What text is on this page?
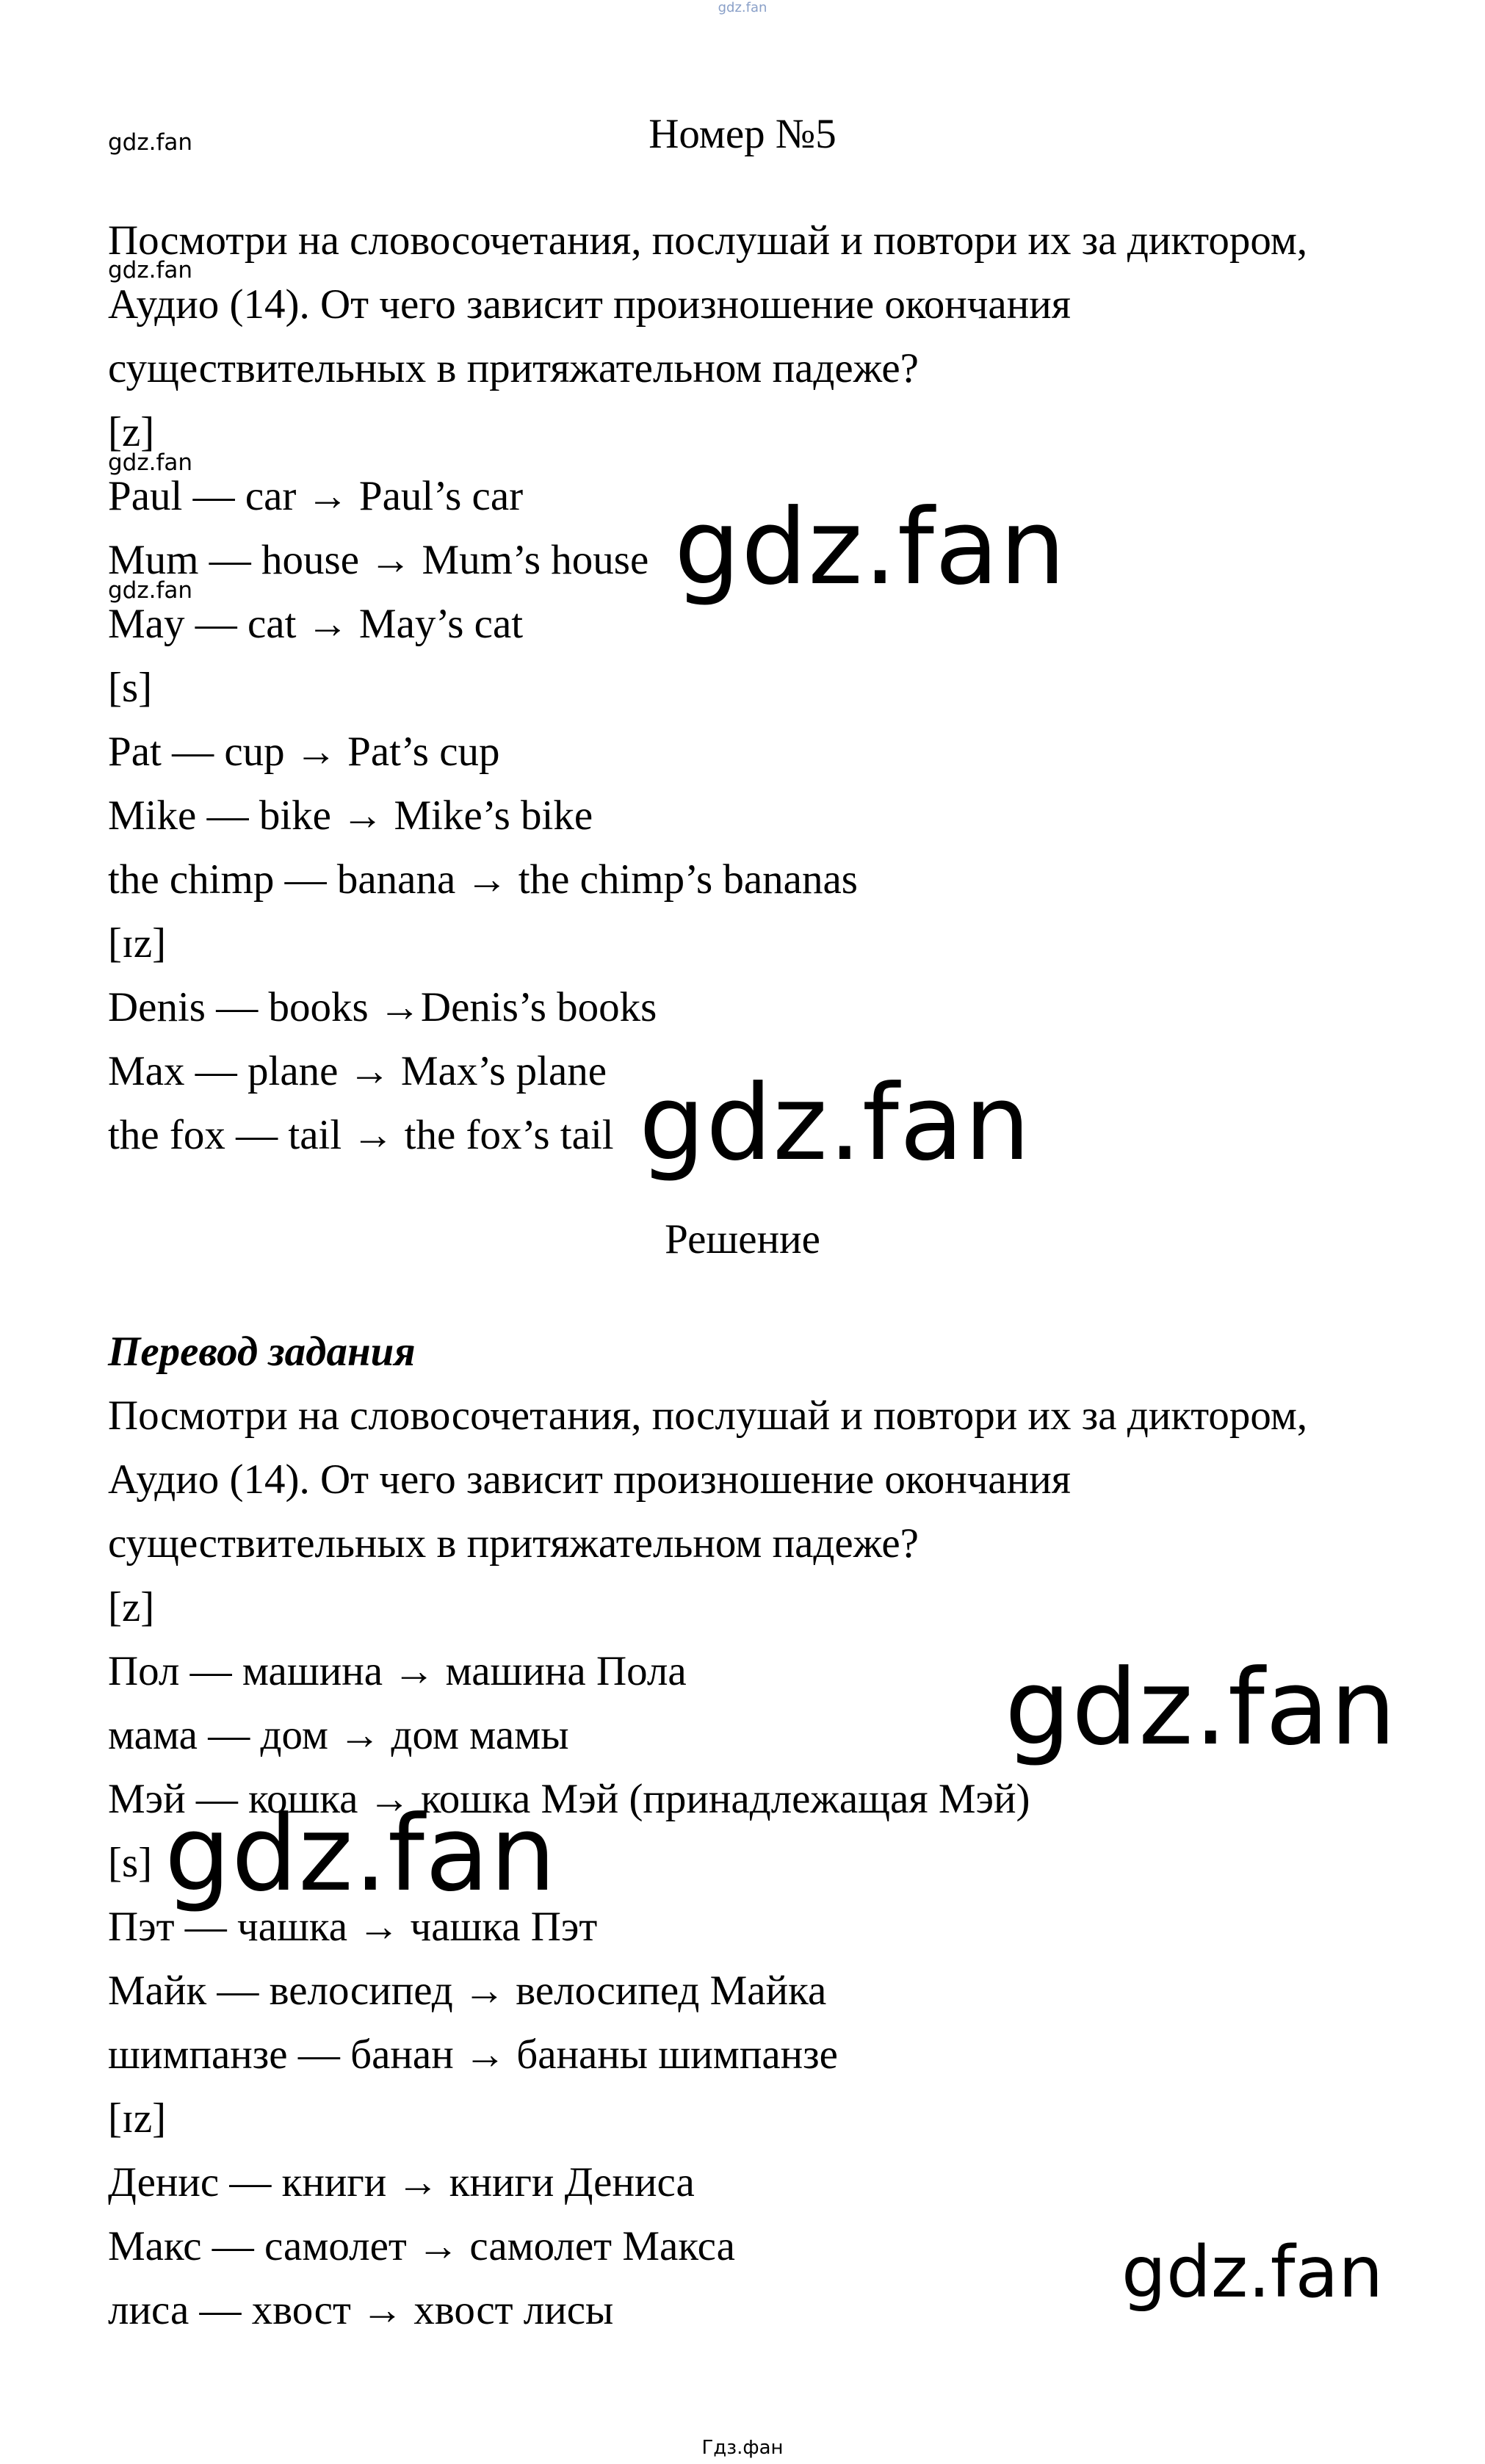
gdz.fan
gdz.fan	Номер №5
Посмотри на словосочетания, послушай и повтори их за диктором,
gdz.fan
Аудио (14). От чего зависит произношение окончания
существительных в притяжательном падеже?
[z]
gdz.fan
Paul — car → Paul’s car
Mum — house → Mum’s house
gdz.fan
May — cat → May’s cat
[s]
Pat — cup → Pat’s cup
Mike — bike → Mike’s bike
the chimp — banana → the chimp’s bananas
[ɪz]
Denis — books →Denis’s books
Max — plane → Max’s plane
the fox — tail → the fox’s tail
gdz.fan
gdz.fan
Решение
Перевод задания
Посмотри на словосочетания, послушай и повтори их за диктором,
Аудио (14). От чего зависит произношение окончания
существительных в притяжательном падеже?
[z]
Пол — машина → машина Пола
мама — дом → дом мамы
Мэй — кошка → кошка Мэй (принадлежащая Мэй)
[s]
Пэт — чашка → чашка Пэт
Майк — велосипед → велосипед Майка
шимпанзе — банан → бананы шимпанзе
[ɪz]
Денис — книги → книги Дениса
Макс — самолет → самолет Макса
лиса — хвост → хвост лисы
gdz.fan
gdz.fan
gdz.fan
Гдз.фан
